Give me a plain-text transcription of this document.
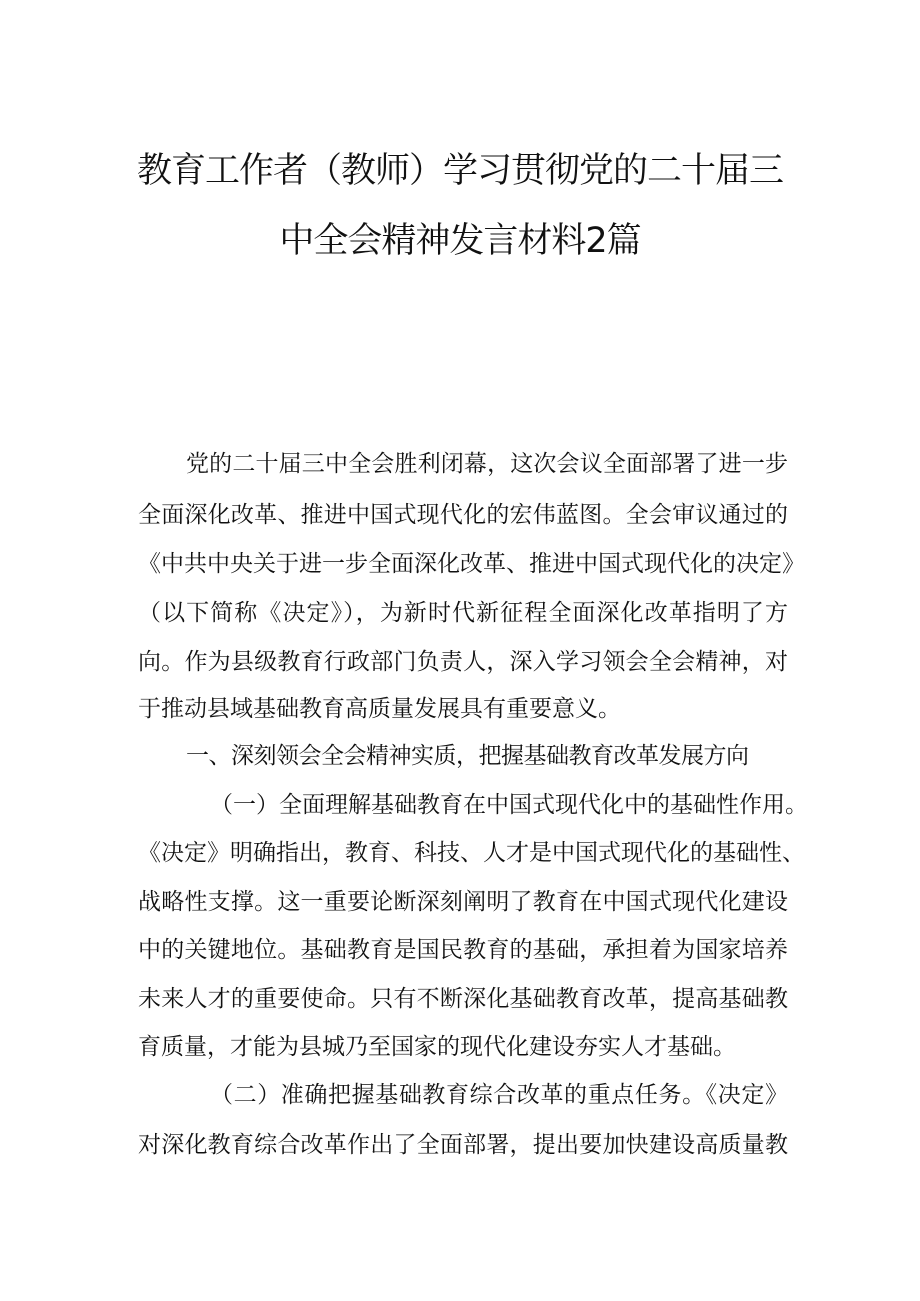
教育工作者（教师）学习贯彻党的二十届三
中全会精神发言材料2篇
党的二十届三中全会胜利闭幕，这次会议全面部署了进一步
全面深化改革、推进中国式现代化的宏伟蓝图。全会审议通过的
《中共中央关于进一步全面深化改革、推进中国式现代化的决定》
（以下简称《决定》），为新时代新征程全面深化改革指明了方
向。作为县级教育行政部门负责人，深入学习领会全会精神，对
于推动县域基础教育高质量发展具有重要意义。
一、深刻领会全会精神实质，把握基础教育改革发展方向
（一）全面理解基础教育在中国式现代化中的基础性作用。
《决定》明确指出，教育、科技、人才是中国式现代化的基础性、
战略性支撑。这一重要论断深刻阐明了教育在中国式现代化建设
中的关键地位。基础教育是国民教育的基础，承担着为国家培养
未来人才的重要使命。只有不断深化基础教育改革，提高基础教
育质量，才能为县城乃至国家的现代化建设夯实人才基础。
（二）准确把握基础教育综合改革的重点任务。《决定》
对深化教育综合改革作出了全面部署，提出要加快建设高质量教
